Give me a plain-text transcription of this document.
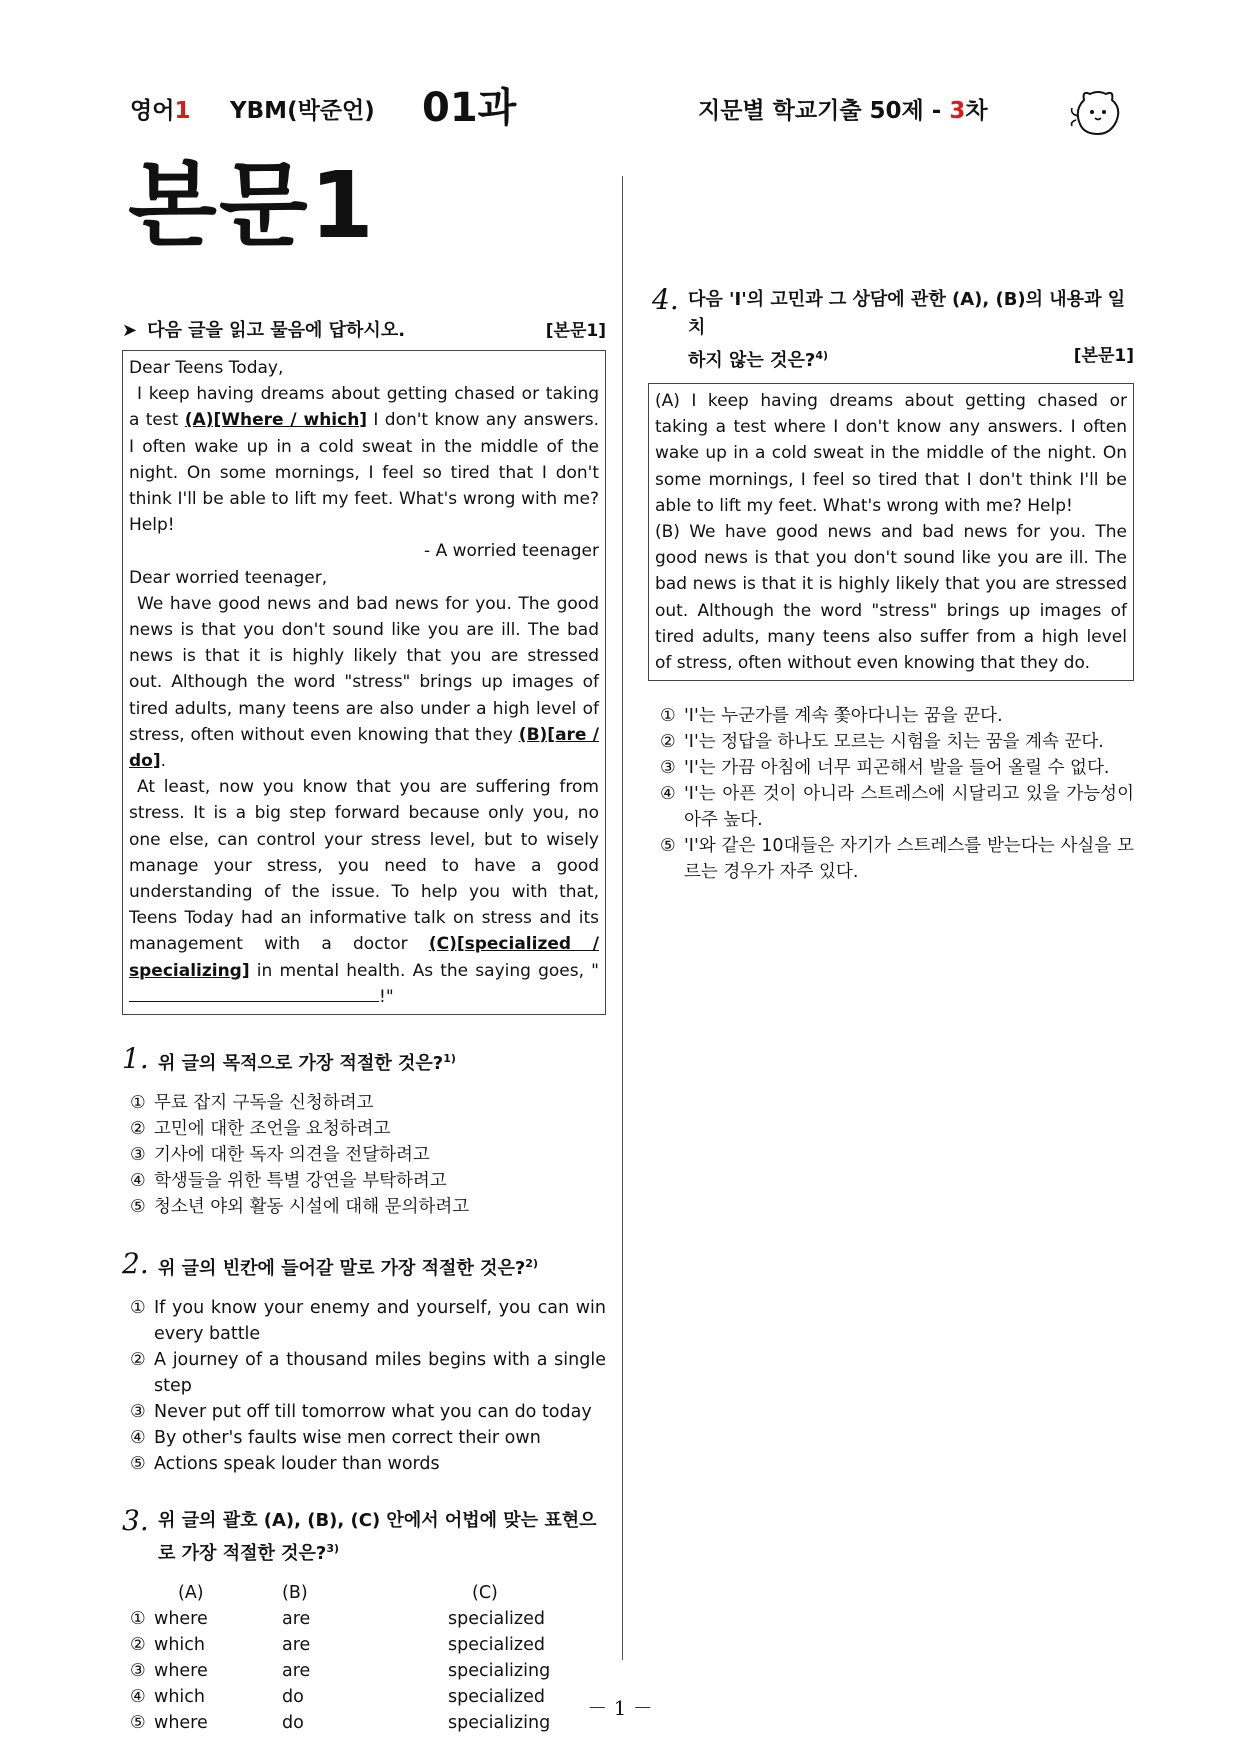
영어1 YBM(박준언) 01과	지문별 학교기출 50제 - 3차
본문1
➤ 다음 글을 읽고 물음에 답하시오.	[본문1]

Dear Teens Today,

I keep having dreams about getting chased or taking a test (A)[Where / which] I don't know any answers. I often wake up in a cold sweat in the middle of the night. On some mornings, I feel so tired that I don't think I'll be able to lift my feet. What's wrong with me? Help!

- A worried teenager

Dear worried teenager,

We have good news and bad news for you. The good news is that you don't sound like you are ill. The bad news is that it is highly likely that you are stressed out. Although the word "stress" brings up images of tired adults, many teens are also under a high level of stress, often without even knowing that they (B)[are / do].

At least, now you know that you are suffering from stress. It is a big step forward because only you, no one else, can control your stress level, but to wisely manage your stress, you need to have a good understanding of the issue. To help you with that, Teens Today had an informative talk on stress and its management with a doctor (C)[specialized / specializing] in mental health. As the saying goes, "!"

1. 위 글의 목적으로 가장 적절한 것은?$^{1)}$
① 무료 잡지 구독을 신청하려고
② 고민에 대한 조언을 요청하려고
③ 기사에 대한 독자 의견을 전달하려고
④ 학생들을 위한 특별 강연을 부탁하려고
⑤ 청소년 야외 활동 시설에 대해 문의하려고
2. 위 글의 빈칸에 들어갈 말로 가장 적절한 것은?$^{2)}$
① If you know your enemy and yourself, you can win every battle
② A journey of a thousand miles begins with a single step
③ Never put off till tomorrow what you can do today
④ By other's faults wise men correct their own
⑤ Actions speak louder than words
3. 위 글의 괄호 (A), (B), (C) 안에서 어법에 맞는 표현으로 가장 적절한 것은?$^{3)}$
(A)	(B)	(C)
① where	are	specialized
② which	are	specialized
③ where	are	specializing
④ which	do	specialized
⑤ where	do	specializing
4. 다음 'I'의 고민과 그 상담에 관한 (A), (B)의 내용과 일치

하지 않는 것은?$^{4)}$	[본문1]

(A) I keep having dreams about getting chased or taking a test where I don't know any answers. I often wake up in a cold sweat in the middle of the night. On some mornings, I feel so tired that I don't think I'll be able to lift my feet. What's wrong with me? Help!

(B) We have good news and bad news for you. The good news is that you don't sound like you are ill. The bad news is that it is highly likely that you are stressed out. Although the word "stress" brings up images of tired adults, many teens also suffer from a high level of stress, often without even knowing that they do.

① 'I'는 누군가를 계속 쫓아다니는 꿈을 꾼다.
② 'I'는 정답을 하나도 모르는 시험을 치는 꿈을 계속 꾼다.
③ 'I'는 가끔 아침에 너무 피곤해서 발을 들어 올릴 수 없다.
④ 'I'는 아픈 것이 아니라 스트레스에 시달리고 있을 가능성이 아주 높다.
⑤ 'I'와 같은 10대들은 자기가 스트레스를 받는다는 사실을 모르는 경우가 자주 있다.
－ 1 －
